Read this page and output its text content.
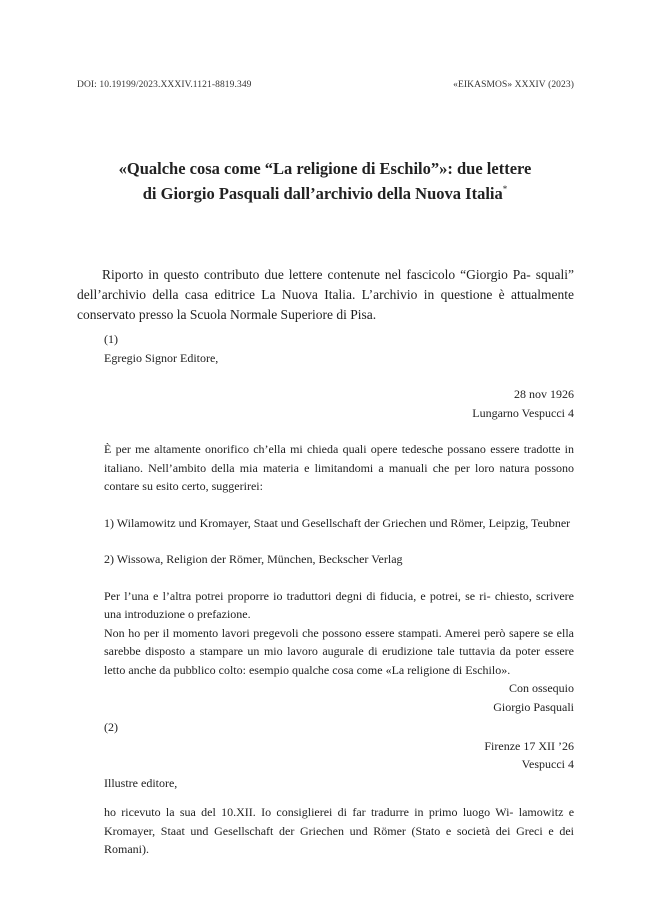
DOI: 10.19199/2023.XXXIV.1121-8819.349	«EIKASMOS» XXXIV (2023)
«Qualche cosa come “La religione di Eschilo”»: due lettere
di Giorgio Pasquali dall’archivio della Nuova Italia*

Riporto in questo contributo due lettere contenute nel fascicolo “Giorgio Pa- squali” dell’archivio della casa editrice La Nuova Italia. L’archivio in questione è attualmente conservato presso la Scuola Normale Superiore di Pisa.

(1)

Egregio Signor Editore,

28 nov 1926

Lungarno Vespucci 4

È per me altamente onorifico ch’ella mi chieda quali opere tedesche possano essere tradotte in italiano. Nell’ambito della mia materia e limitandomi a manuali che per loro natura possono contare su esito certo, suggerirei:

1) Wilamowitz und Kromayer, Staat und Gesellschaft der Griechen und Römer, Leipzig, Teubner

2) Wissowa, Religion der Römer, München, Beckscher Verlag

Per l’una e l’altra potrei proporre io traduttori degni di fiducia, e potrei, se ri- chiesto, scrivere una introduzione o prefazione.

Non ho per il momento lavori pregevoli che possono essere stampati. Amerei però sapere se ella sarebbe disposto a stampare un mio lavoro augurale di erudizione tale tuttavia da poter essere letto anche da pubblico colto: esempio qualche cosa come «La religione di Eschilo».

Con ossequio

Giorgio Pasquali

(2)

Firenze 17 XII ’26

Vespucci 4

Illustre editore,

ho ricevuto la sua del 10.XII. Io consiglierei di far tradurre in primo luogo Wi- lamowitz e Kromayer, Staat und Gesellschaft der Griechen und Römer (Stato e società dei Greci e dei Romani).
